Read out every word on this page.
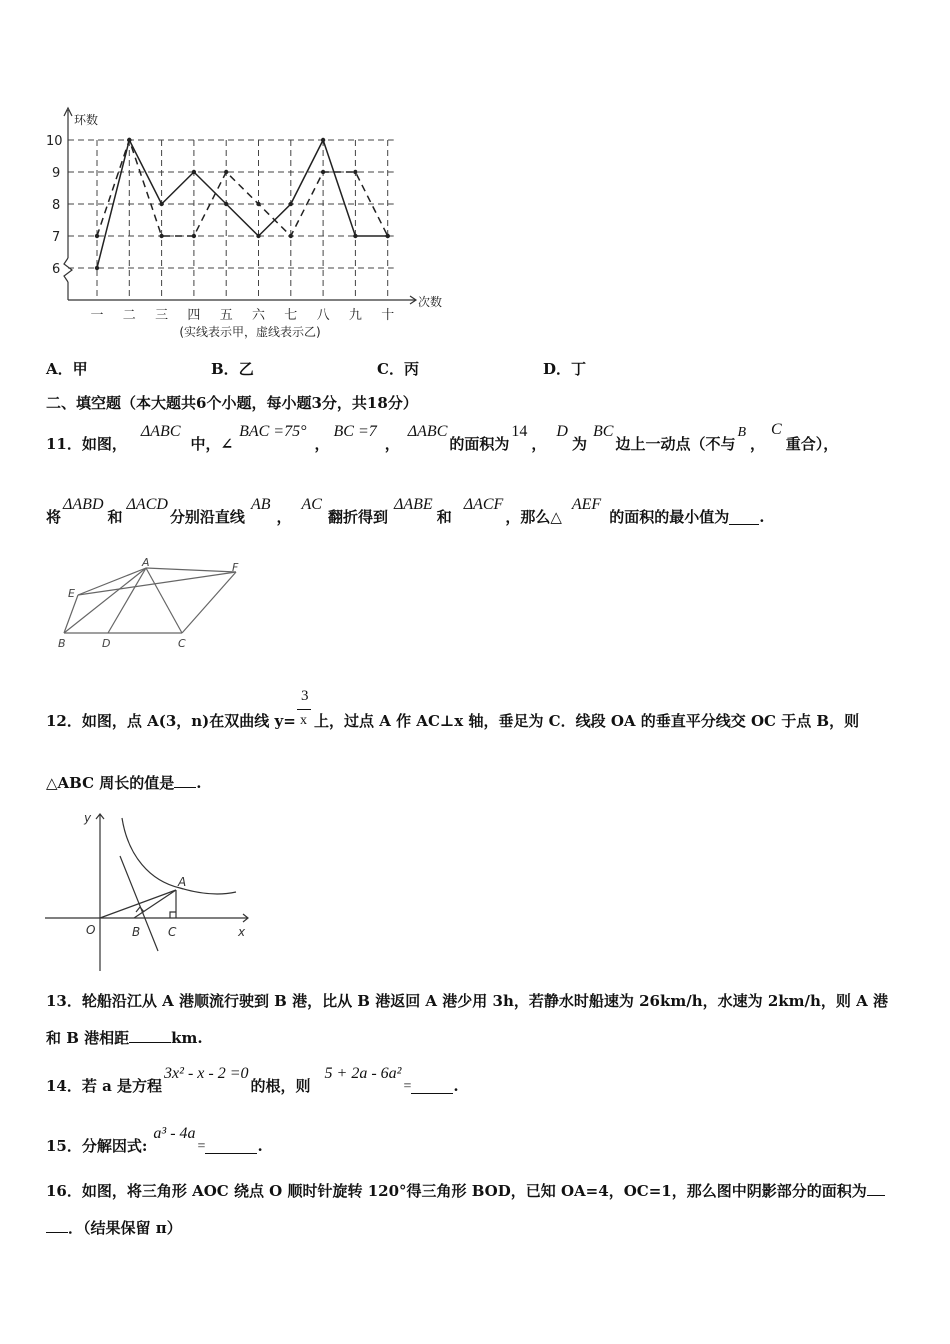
6
7
8
9
10
环数
次数
一 二 三 四 五 六 七 八 九 十
(实线表示甲，虚线表示乙)
A．甲	B．乙	C．丙	D．丁
二、填空题（本大题共6个小题，每小题3分，共18分）
11．如图，
ΔABC
中，∠
BAC =75°
，
BC =7
，
ΔABC
的面积为
14
，
D
为
BC
边上一动点（不与
B
，
C
重合），
将
ΔABD
和
ΔACD
分别沿直线
AB
，
AC
翻折得到
ΔABE
和
ΔACF
，那么△
AEF
的面积的最小值为 .
A
E
F
B	D	C
12．如图，点 A(3，n)在双曲线 y=
3
x 上，过点 A 作 AC⊥x 轴，垂足为 C．线段 OA 的垂直平分线交 OC 于点 B，则
△ABC 周长的值是 .
y
A
O	B C	x
13．轮船沿江从 A 港顺流行驶到 B 港，比从 B 港返回 A 港少用 3h，若静水时船速为 26km/h，水速为 2km/h，则 A 港
和 B 港相距	km.
14．若 a 是方程
3x² - x - 2 =0
的根，则
5 + 2a - 6a²
=	.
15．分解因式:
a³ - 4a
=	.
16．如图，将三角形 AOC 绕点 O 顺时针旋转 120°得三角形 BOD，已知 OA=4，OC=1，那么图中阴影部分的面积为
．（结果保留 π）
